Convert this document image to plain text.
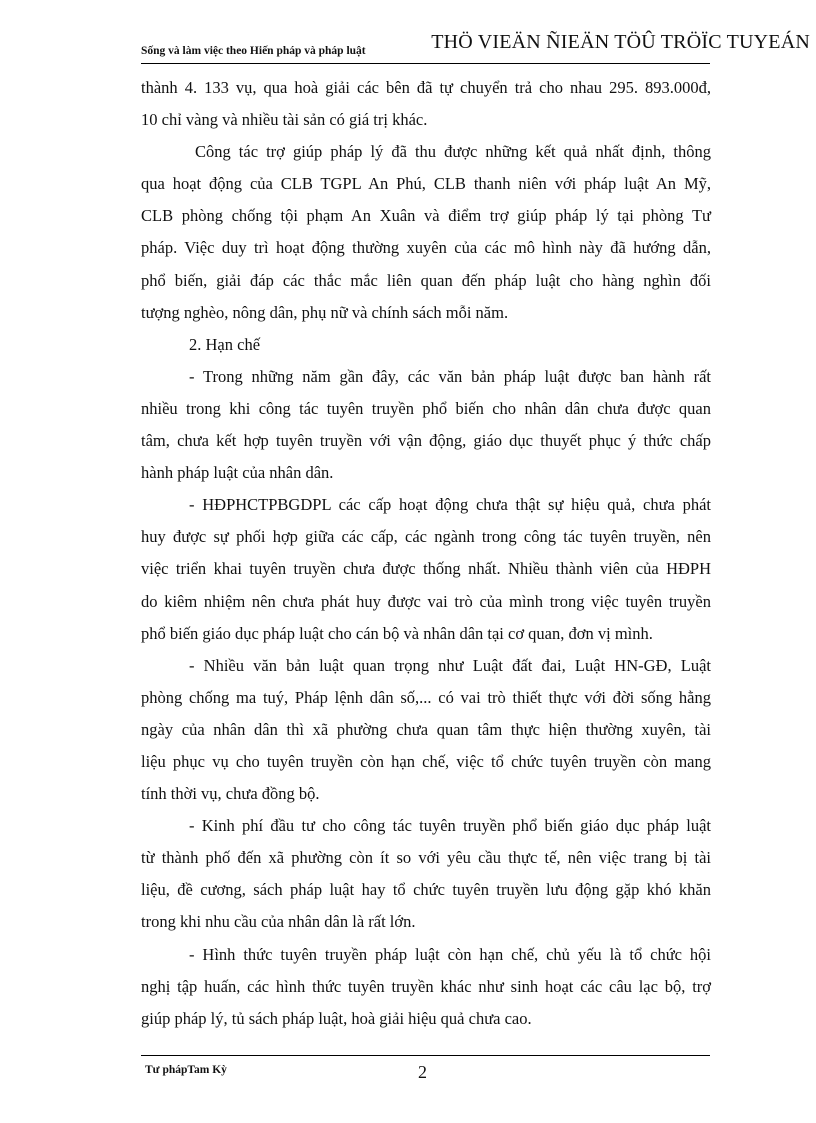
Sống và làm việc theo Hiến pháp và pháp luật	THÖ VIEÄN ÑIEÄN TÖÛ TRÖÏC TUYEÁN

thành 4. 133 vụ, qua hoà giải các bên đã tự chuyển trả cho nhau 295. 893.000đ,

10 chỉ vàng và nhiều tài sản có giá trị khác.

Công tác trợ giúp pháp lý đã thu được những kết quả nhất định, thông

qua hoạt động của CLB TGPL An Phú, CLB thanh niên với pháp luật An Mỹ,

CLB phòng chống tội phạm An Xuân và điểm trợ giúp pháp lý tại phòng Tư

pháp. Việc duy trì hoạt động thường xuyên của các mô hình này đã hướng dẫn,

phổ biến, giải đáp các thắc mắc liên quan đến pháp luật cho hàng nghìn đối

tượng nghèo, nông dân, phụ nữ và chính sách mỗi năm.

2. Hạn chế

- Trong những năm gần đây, các văn bản pháp luật được ban hành rất

nhiều trong khi công tác tuyên truyền phổ biến cho nhân dân chưa được quan

tâm, chưa kết hợp tuyên truyền với vận động, giáo dục thuyết phục ý thức chấp

hành pháp luật của nhân dân.

- HĐPHCTPBGDPL các cấp hoạt động chưa thật sự hiệu quả, chưa phát

huy được sự phối hợp giữa các cấp, các ngành trong công tác tuyên truyền, nên

việc triển khai tuyên truyền chưa được thống nhất. Nhiều thành viên của HĐPH

do kiêm nhiệm nên chưa phát huy được vai trò của mình trong việc tuyên truyền

phổ biến giáo dục pháp luật cho cán bộ và nhân dân tại cơ quan, đơn vị mình.

- Nhiều văn bản luật quan trọng như Luật đất đai, Luật HN-GĐ, Luật

phòng chống ma tuý, Pháp lệnh dân số,... có vai trò thiết thực với đời sống hằng

ngày của nhân dân thì xã phường chưa quan tâm thực hiện thường xuyên, tài

liệu phục vụ cho tuyên truyền còn hạn chế, việc tổ chức tuyên truyền còn mang

tính thời vụ, chưa đồng bộ.

- Kinh phí đầu tư cho công tác tuyên truyền phổ biến giáo dục pháp luật

từ thành phố đến xã phường còn ít so với yêu cầu thực tế, nên việc trang bị tài

liệu, đề cương, sách pháp luật hay tổ chức tuyên truyền lưu động gặp khó khăn

trong khi nhu cầu của nhân dân là rất lớn.

- Hình thức tuyên truyền pháp luật còn hạn chế, chủ yếu là tổ chức hội

nghị tập huấn, các hình thức tuyên truyền khác như sinh hoạt các câu lạc bộ, trợ

giúp pháp lý, tủ sách pháp luật, hoà giải hiệu quả chưa cao.

Tư phápTam Kỳ	2
